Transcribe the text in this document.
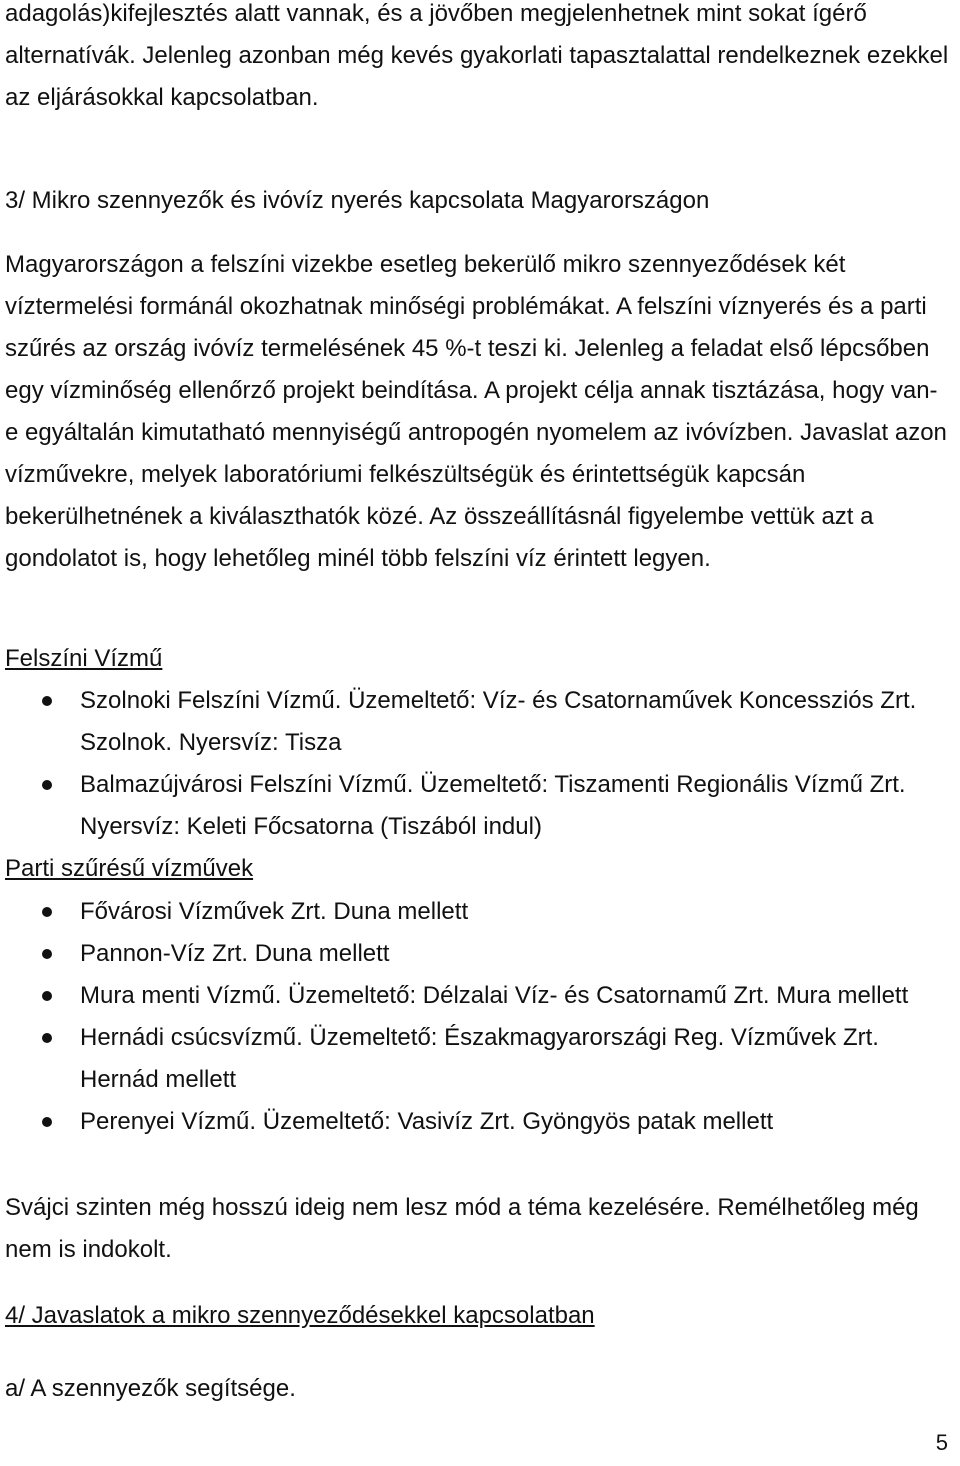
adagolás)kifejlesztés alatt vannak, és a jövőben megjelenhetnek mint sokat ígérő alternatívák. Jelenleg azonban még kevés gyakorlati tapasztalattal rendelkeznek ezekkel az eljárásokkal kapcsolatban.

3/ Mikro szennyezők és ivóvíz nyerés kapcsolata Magyarországon

Magyarországon a felszíni vizekbe esetleg bekerülő mikro szennyeződések két víztermelési formánál okozhatnak minőségi problémákat. A felszíni víznyerés és a parti szűrés az ország ivóvíz termelésének 45 %-t teszi ki. Jelenleg a feladat első lépcsőben egy vízminőség ellenőrző projekt beindítása. A projekt célja annak tisztázása, hogy van- e egyáltalán kimutatható mennyiségű antropogén nyomelem az ivóvízben. Javaslat azon vízművekre, melyek laboratóriumi felkészültségük és érintettségük kapcsán bekerülhetnének a kiválaszthatók közé. Az összeállításnál figyelembe vettük azt a gondolatot is, hogy lehetőleg minél több felszíni víz érintett legyen.

Felszíni Vízmű

Szolnoki Felszíni Vízmű. Üzemeltető: Víz- és Csatornaművek Koncessziós Zrt. Szolnok. Nyersvíz: Tisza
Balmazújvárosi Felszíni Vízmű. Üzemeltető: Tiszamenti Regionális Vízmű Zrt. Nyersvíz: Keleti Főcsatorna (Tiszából indul)

Parti szűrésű vízművek

Fővárosi Vízművek Zrt. Duna mellett
Pannon-Víz Zrt. Duna mellett
Mura menti Vízmű. Üzemeltető: Délzalai Víz- és Csatornamű Zrt. Mura mellett
Hernádi csúcsvízmű. Üzemeltető: Északmagyarországi Reg. Vízművek Zrt. Hernád mellett
Perenyei Vízmű. Üzemeltető: Vasivíz Zrt. Gyöngyös patak mellett

Svájci szinten még hosszú ideig nem lesz mód a téma kezelésére. Remélhetőleg még nem is indokolt.

4/ Javaslatok a mikro szennyeződésekkel kapcsolatban

a/ A szennyezők segítsége.

5
